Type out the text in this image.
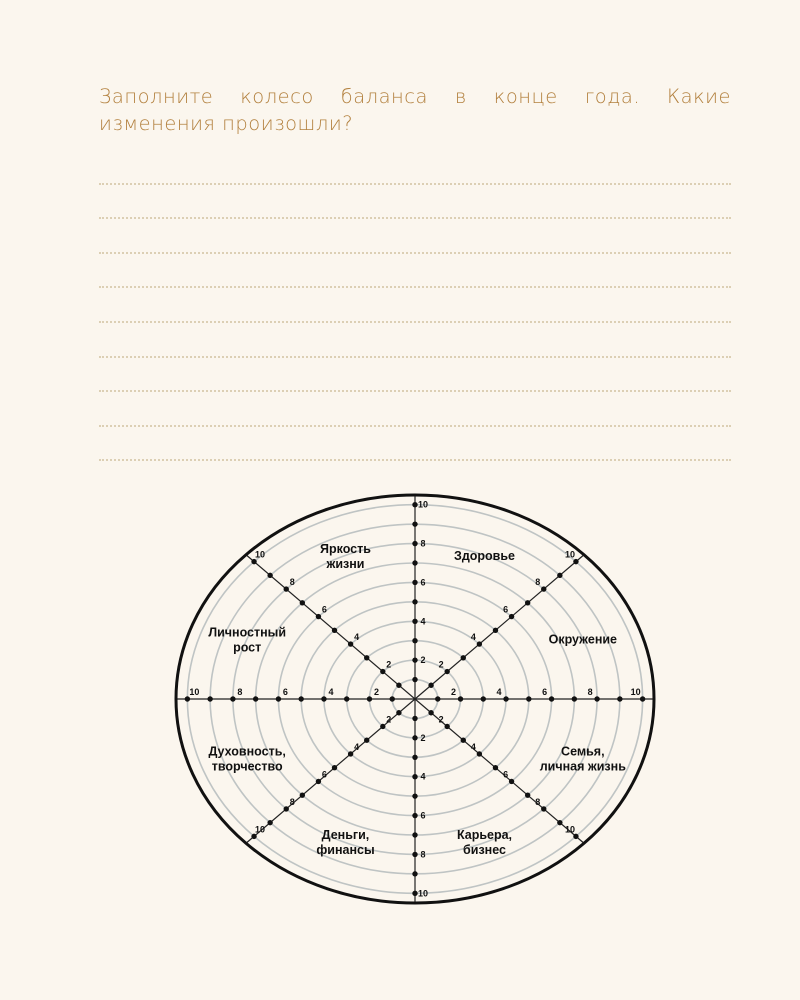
Заполните колесо баланса в конце года. Какие изменения произошли?
2	4	6	8	10
2
4
6
8
10
2
4
6
8
10
2
4
6
8
10
2
4
6
8
10
2
4
6
8
10
2
4
6
8
10
2
4
6
8
10
Яркость
жизни
Здоровье
Окружение
Семья,
личная жизнь
Карьера,
бизнес
Деньги,
финансы
Духовность,
творчество
Личностный
рост
